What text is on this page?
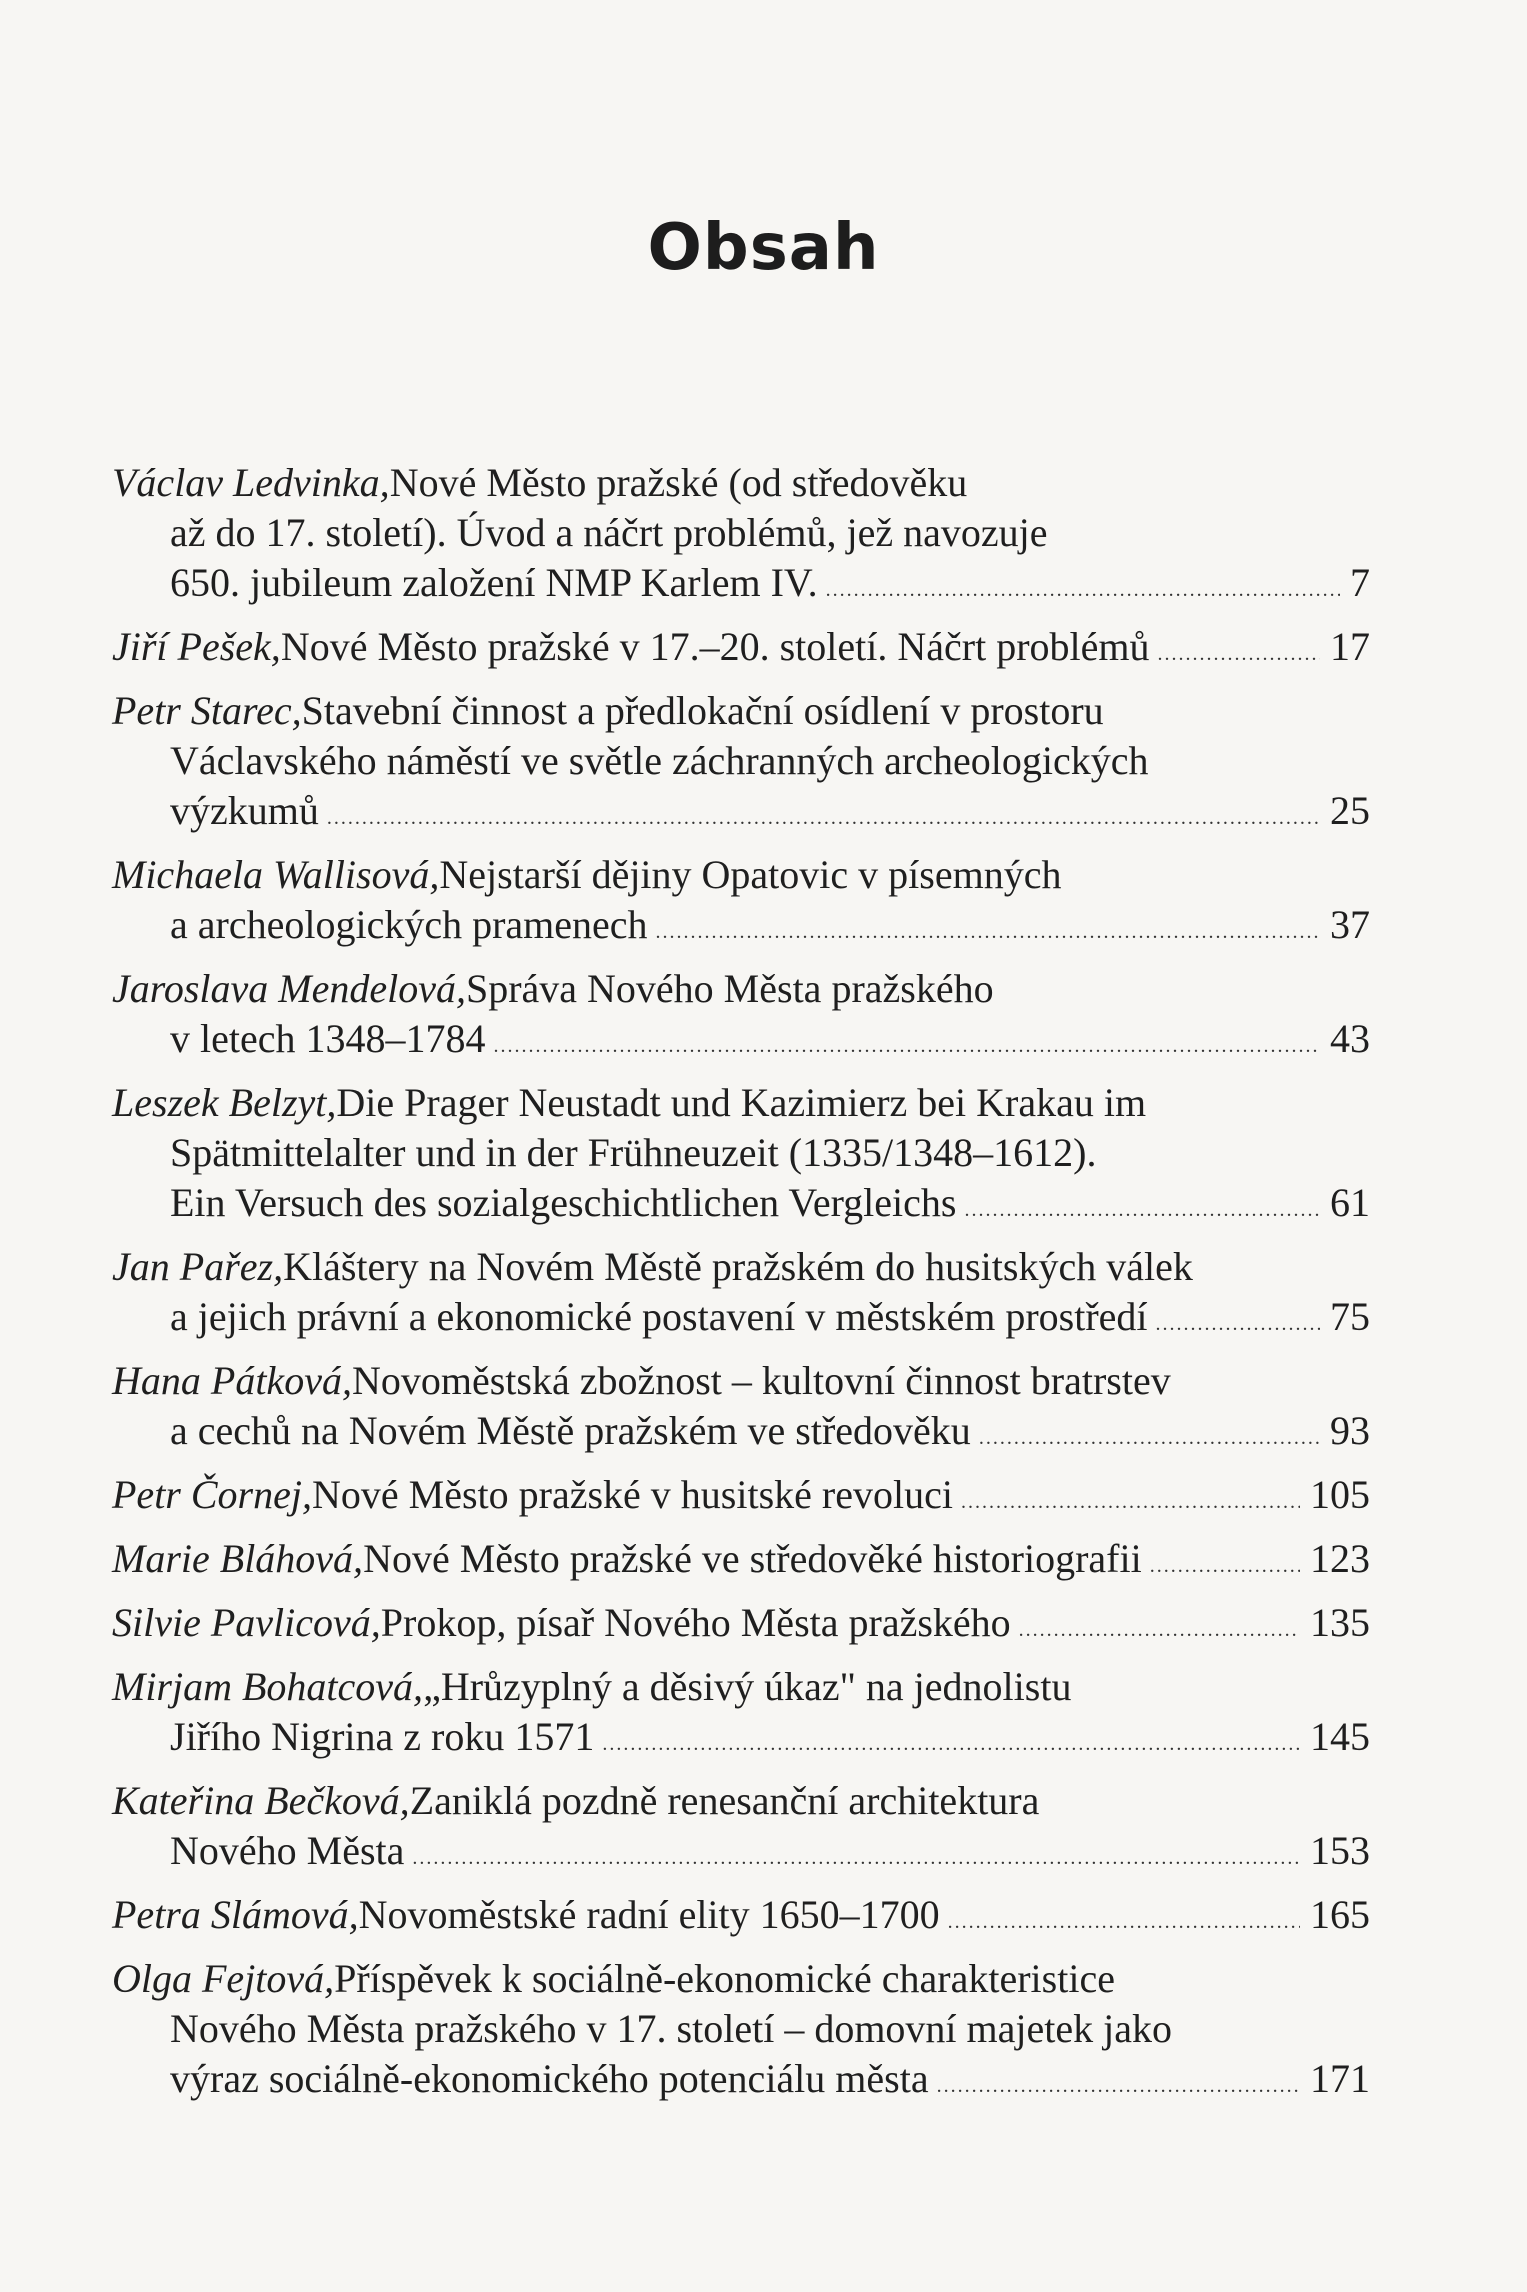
Obsah
Václav Ledvinka, Nové Město pražské (od středověku
až do 17. století). Úvod a náčrt problémů, jež navozuje
650. jubileum založení NMP Karlem IV. .....	7
Jiří Pešek, Nové Město pražské v 17.–20. století. Náčrt problémů .....	17
Petr Starec, Stavební činnost a předlokační osídlení v prostoru
Václavského náměstí ve světle záchranných archeologických
výzkumů .....	25
Michaela Wallisová, Nejstarší dějiny Opatovic v písemných
a archeologických pramenech .....	37
Jaroslava Mendelová, Správa Nového Města pražského
v letech 1348–1784 .....	43
Leszek Belzyt, Die Prager Neustadt und Kazimierz bei Krakau im
Spätmittelalter und in der Frühneuzeit (1335/1348–1612).
Ein Versuch des sozialgeschichtlichen Vergleichs .....	61
Jan Pařez, Kláštery na Novém Městě pražském do husitských válek
a jejich právní a ekonomické postavení v městském prostředí .....	75
Hana Pátková, Novoměstská zbožnost – kultovní činnost bratrstev
a cechů na Novém Městě pražském ve středověku .....	93
Petr Čornej, Nové Město pražské v husitské revoluci .....	105
Marie Bláhová, Nové Město pražské ve středověké historiografii .....	123
Silvie Pavlicová, Prokop, písař Nového Města pražského .....	135
Mirjam Bohatcová, „Hrůzyplný a děsivý úkaz" na jednolistu
Jiřího Nigrina z roku 1571 .....	145
Kateřina Bečková, Zaniklá pozdně renesanční architektura
Nového Města .....	153
Petra Slámová, Novoměstské radní elity 1650–1700 .....	165
Olga Fejtová, Příspěvek k sociálně-ekonomické charakteristice
Nového Města pražského v 17. století – domovní majetek jako
výraz sociálně-ekonomického potenciálu města .....	171
